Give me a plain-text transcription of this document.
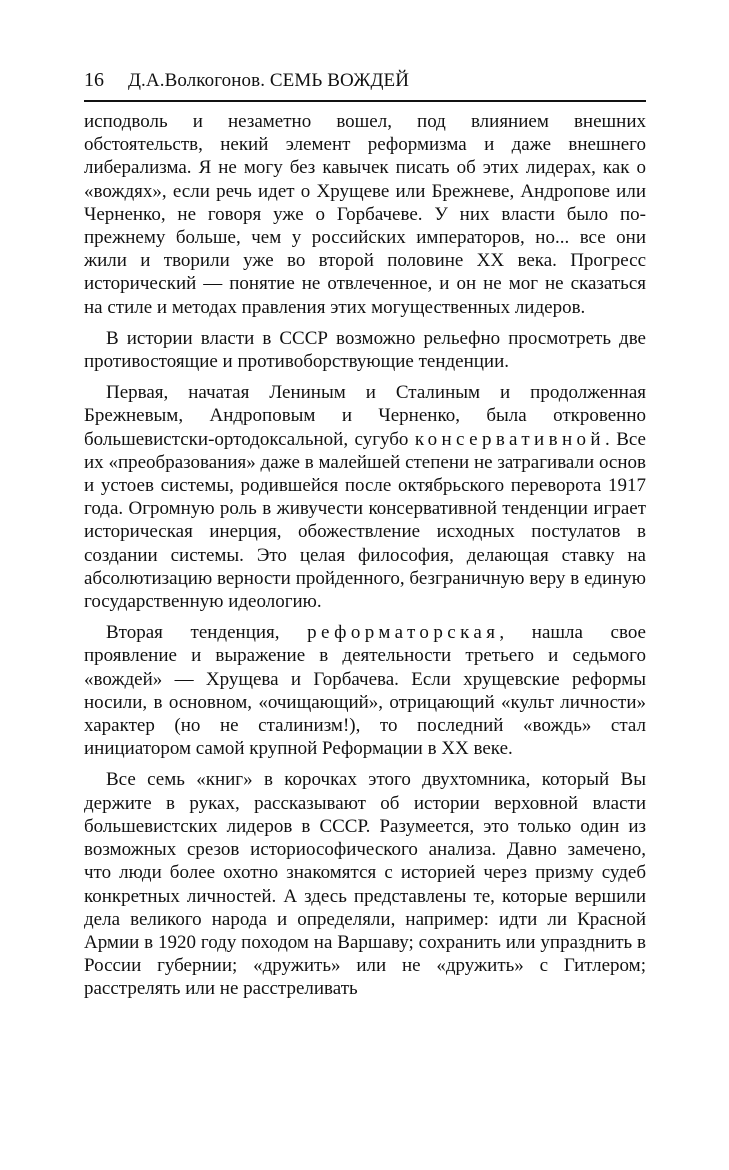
16	Д.А.Волкогонов. СЕМЬ ВОЖДЕЙ

исподволь и незаметно вошел, под влиянием внешних обстоятельств, некий элемент реформизма и даже внешнего либерализма. Я не могу без кавычек писать об этих лидерах, как о «вождях», если речь идет о Хрущеве или Брежневе, Андропове или Черненко, не говоря уже о Горбачеве. У них власти было по-прежнему больше, чем у российских императоров, но... все они жили и творили уже во второй половине XX века. Прогресс исторический — понятие не отвлеченное, и он не мог не сказаться на стиле и методах правления этих могущественных лидеров.

В истории власти в СССР возможно рельефно просмотреть две противостоящие и противоборствующие тенденции.

Первая, начатая Лениным и Сталиным и продолженная Брежневым, Андроповым и Черненко, была откровенно большевистски-ортодоксальной, сугубо консервативной. Все их «преобразования» даже в малейшей степени не затрагивали основ и устоев системы, родившейся после октябрьского переворота 1917 года. Огромную роль в живучести консервативной тенденции играет историческая инерция, обожествление исходных постулатов в создании системы. Это целая философия, делающая ставку на абсолютизацию верности пройденного, безграничную веру в единую государственную идеологию.

Вторая тенденция, реформаторская, нашла свое проявление и выражение в деятельности третьего и седьмого «вождей» — Хрущева и Горбачева. Если хрущевские реформы носили, в основном, «очищающий», отрицающий «культ личности» характер (но не сталинизм!), то последний «вождь» стал инициатором самой крупной Реформации в XX веке.

Все семь «книг» в корочках этого двухтомника, который Вы держите в руках, рассказывают об истории верховной власти большевистских лидеров в СССР. Разумеется, это только один из возможных срезов историософического анализа. Давно замечено, что люди более охотно знакомятся с историей через призму судеб конкретных личностей. А здесь представлены те, которые вершили дела великого народа и определяли, например: идти ли Красной Армии в 1920 году походом на Варшаву; сохранить или упразднить в России губернии; «дружить» или не «дружить» с Гитлером; расстрелять или не расстреливать
